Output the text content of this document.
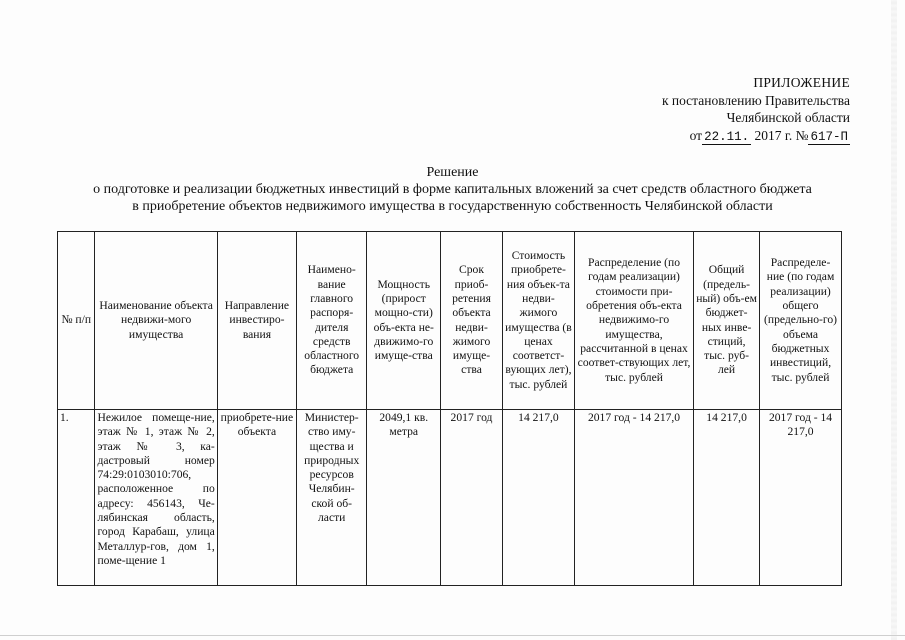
ПРИЛОЖЕНИЕ
к постановлению Правительства
Челябинской области
от 22.11. 2017 г. № 617-П
Решение
о подготовке и реализации бюджетных инвестиций в форме капитальных вложений за счет средств областного бюджета
в приобретение объектов недвижимого имущества в государственную собственность Челябинской области
№ п/п	Наименование объекта недвижи-мого имущества	Направление инвестиро-вания	Наимено-вание главного распоря-дителя средств областного бюджета	Мощность (прирост мощно-сти) объ-екта не-движимо-го имуще-ства	Срок приоб-ретения объекта недви-жимого имуще-ства	Стоимость приобрете-ния объек-та недви-жимого имущества (в ценах соответст-вующих лет), тыс. рублей	Распределение (по годам реализации) стоимости при-обретения объ-екта недвижимо-го имущества, рассчитанной в ценах соответ-ствующих лет, тыс. рублей	Общий (предель-ный) объ-ем бюджет-ных инве-стиций, тыс. руб-лей	Распределе-ние (по годам реализации) общего (предельно-го) объема бюджетных инвестиций, тыс. рублей
1.	Нежилое помеще-ние, этаж № 1, этаж № 2, этаж № 3, ка-дастровый номер 74:29:0103010:706, расположенное по адресу: 456143, Че-лябинская область, город Карабаш, улица Металлур-гов, дом 1, поме-щение 1	приобрете-ние объекта	Министер-ство иму-щества и природных ресурсов Челябин-ской об-ласти	2049,1 кв. метра	2017 год	14 217,0	2017 год - 14 217,0	14 217,0	2017 год - 14 217,0
